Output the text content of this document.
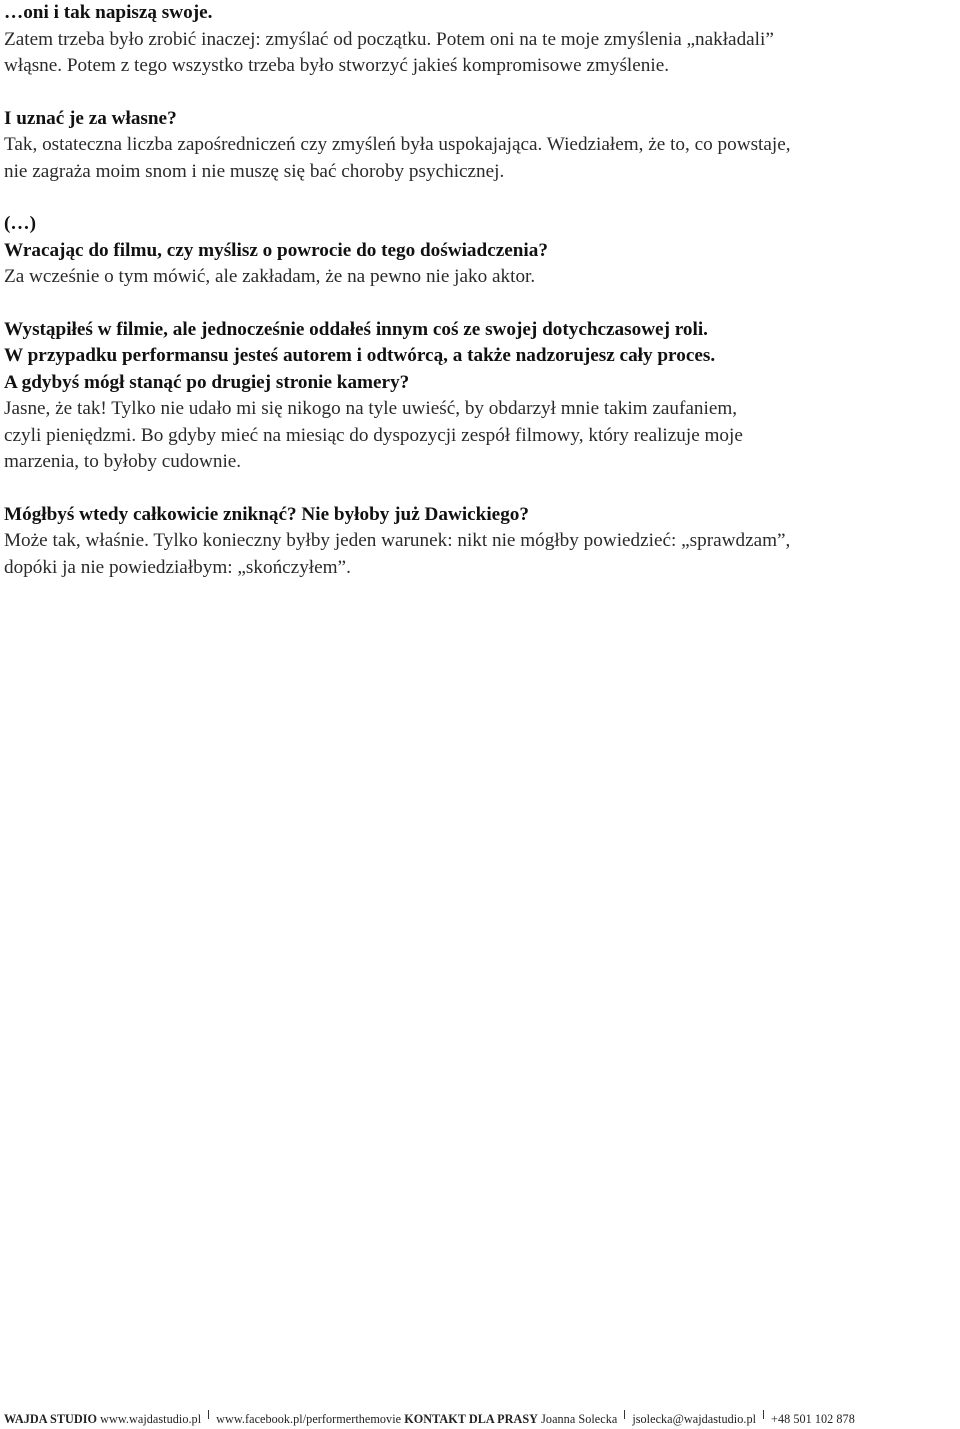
…oni i tak napiszą swoje.
Zatem trzeba było zrobić inaczej: zmyślać od początku. Potem oni na te moje zmyślenia „nakładali”
włąsne. Potem z tego wszystko trzeba było stworzyć jakieś kompromisowe zmyślenie.
I uznać je za własne?
Tak, ostateczna liczba zapośredniczeń czy zmyśleń była uspokajająca. Wiedziałem, że to, co powstaje,
nie zagraża moim snom i nie muszę się bać choroby psychicznej.
(…)
Wracając do filmu, czy myślisz o powrocie do tego doświadczenia?
Za wcześnie o tym mówić, ale zakładam, że na pewno nie jako aktor.
Wystąpiłeś w filmie, ale jednocześnie oddałeś innym coś ze swojej dotychczasowej roli.
W przypadku performansu jesteś autorem i odtwórcą, a także nadzorujesz cały proces.
A gdybyś mógł stanąć po drugiej stronie kamery?
Jasne, że tak! Tylko nie udało mi się nikogo na tyle uwieść, by obdarzył mnie takim zaufaniem,
czyli pieniędzmi. Bo gdyby mieć na miesiąc do dyspozycji zespół filmowy, który realizuje moje
marzenia, to byłoby cudownie.
Mógłbyś wtedy całkowicie zniknąć? Nie byłoby już Dawickiego?
Może tak, właśnie. Tylko konieczny byłby jeden warunek: nikt nie mógłby powiedzieć: „sprawdzam”,
dopóki ja nie powiedziałbym: „skończyłem”.
WAJDA STUDIO www.wajdastudio.pl www.facebook.pl/performerthemovie KONTAKT DLA PRASY Joanna Solecka jsolecka@wajdastudio.pl +48 501 102 878
